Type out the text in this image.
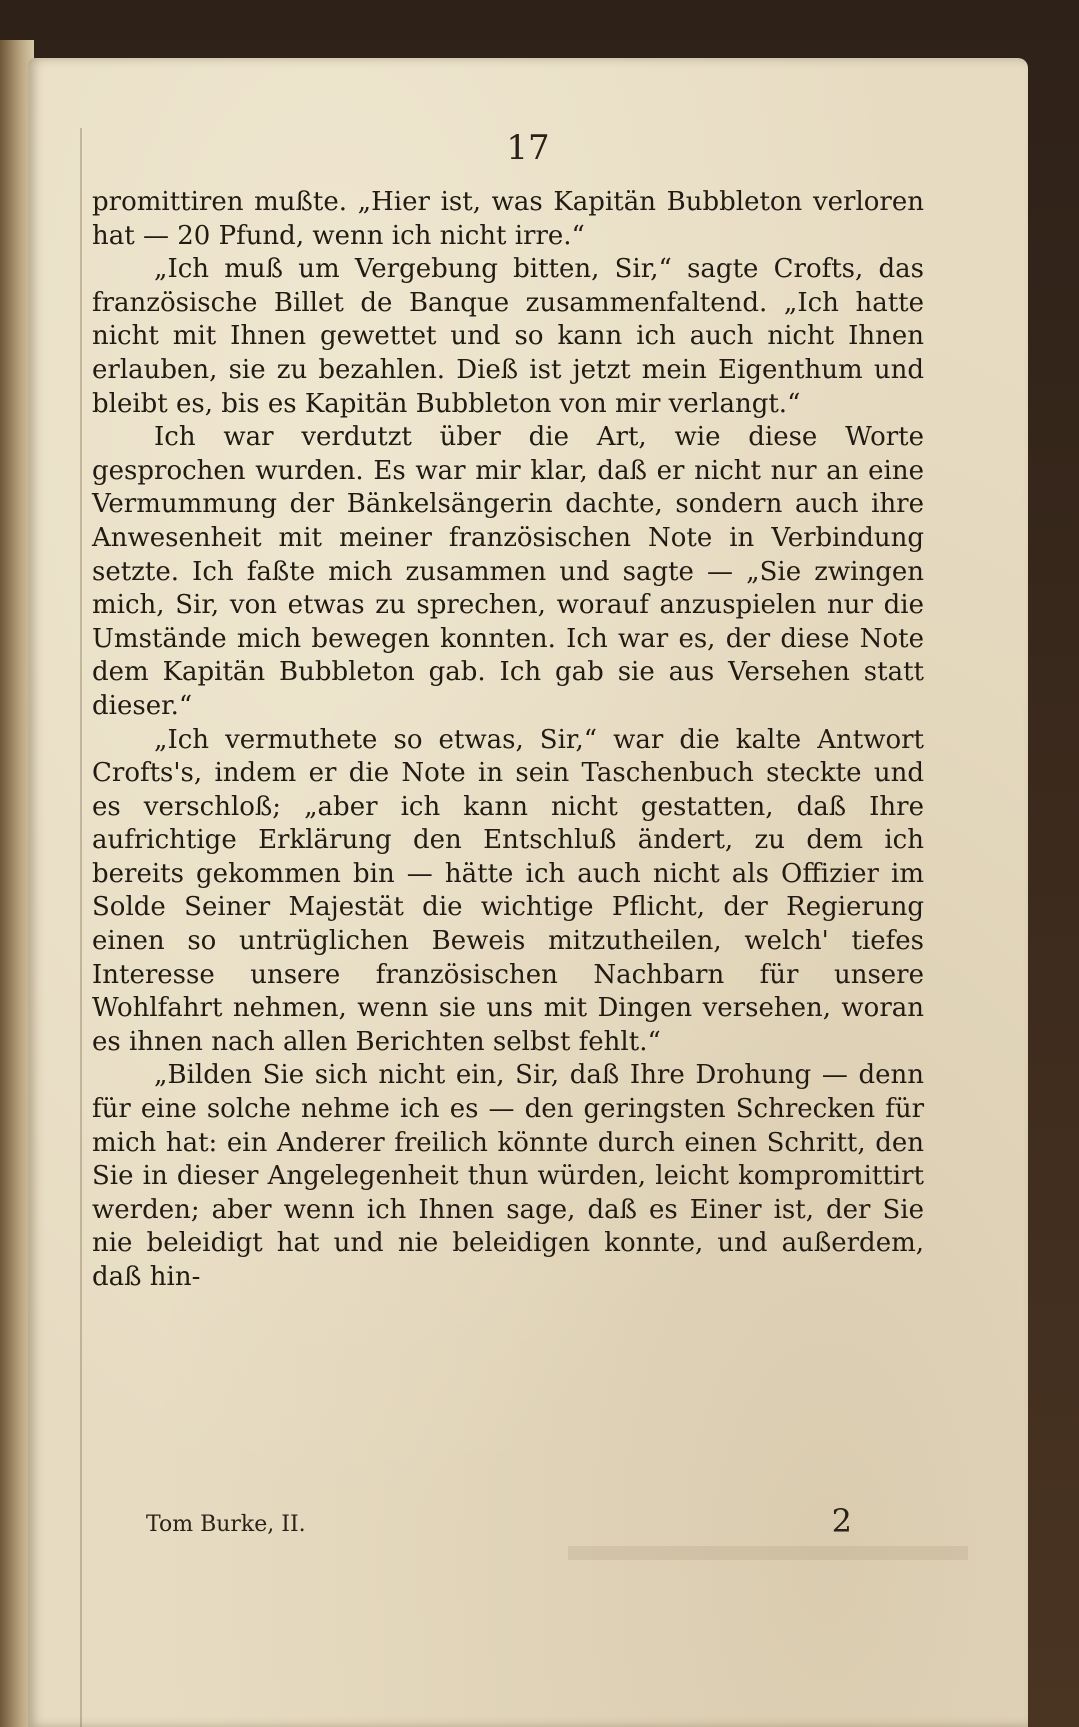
17

promittiren mußte. „Hier ist, was Kapitän Bubbleton verloren hat — 20 Pfund, wenn ich nicht irre.“

„Ich muß um Vergebung bitten, Sir,“ sagte Crofts, das französische Billet de Banque zusammenfaltend. „Ich hatte nicht mit Ihnen gewettet und so kann ich auch nicht Ihnen erlauben, sie zu bezahlen. Dieß ist jetzt mein Eigenthum und bleibt es, bis es Kapitän Bubbleton von mir verlangt.“

Ich war verdutzt über die Art, wie diese Worte gesprochen wurden. Es war mir klar, daß er nicht nur an eine Vermummung der Bänkelsängerin dachte, sondern auch ihre Anwesenheit mit meiner französischen Note in Verbindung setzte. Ich faßte mich zusammen und sagte — „Sie zwingen mich, Sir, von etwas zu sprechen, worauf anzuspielen nur die Umstände mich bewegen konnten. Ich war es, der diese Note dem Kapitän Bubbleton gab. Ich gab sie aus Versehen statt dieser.“

„Ich vermuthete so etwas, Sir,“ war die kalte Antwort Crofts's, indem er die Note in sein Taschenbuch steckte und es verschloß; „aber ich kann nicht gestatten, daß Ihre aufrichtige Erklärung den Entschluß ändert, zu dem ich bereits gekommen bin — hätte ich auch nicht als Offizier im Solde Seiner Majestät die wichtige Pflicht, der Regierung einen so untrüglichen Beweis mitzutheilen, welch' tiefes Interesse unsere französischen Nachbarn für unsere Wohlfahrt nehmen, wenn sie uns mit Dingen versehen, woran es ihnen nach allen Berichten selbst fehlt.“

„Bilden Sie sich nicht ein, Sir, daß Ihre Drohung — denn für eine solche nehme ich es — den geringsten Schrecken für mich hat: ein Anderer freilich könnte durch einen Schritt, den Sie in dieser Angelegenheit thun würden, leicht kompromittirt werden; aber wenn ich Ihnen sage, daß es Einer ist, der Sie nie beleidigt hat und nie beleidigen konnte, und außerdem, daß hin-

Tom Burke, II.	2
